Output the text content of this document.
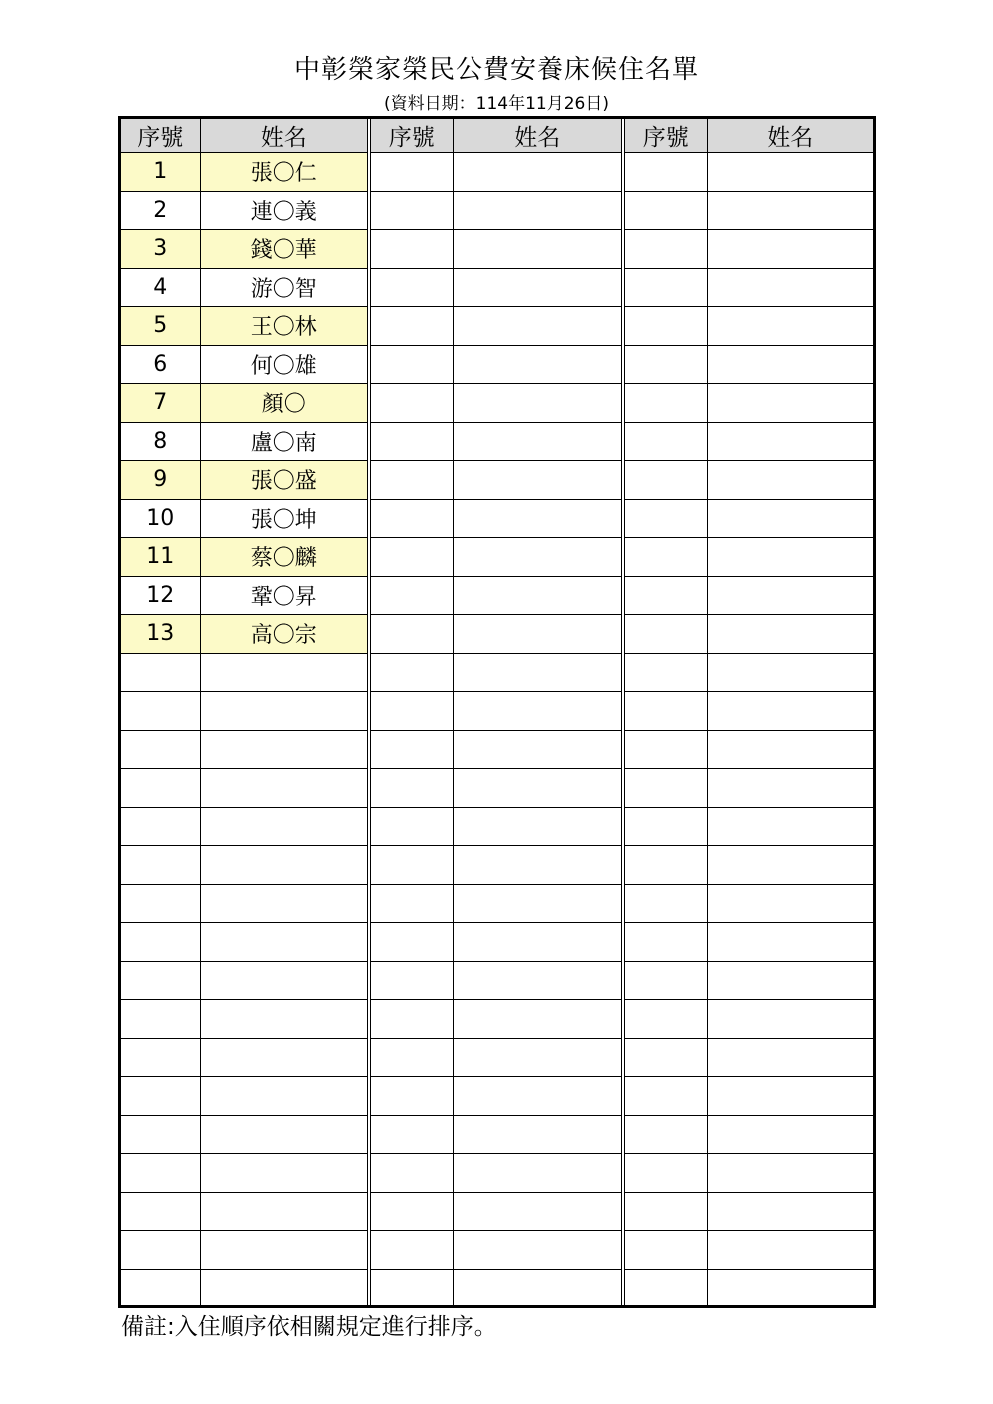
中彰榮家榮民公費安養床候住名單
(資料日期：114年11月26日)
序號	姓名	序號	姓名	序號	姓名
1	張〇仁				
2	連〇義				
3	錢〇華				
4	游〇智				
5	王〇林				
6	何〇雄				
7	顏〇				
8	盧〇南				
9	張〇盛				
10	張〇坤				
11	蔡〇麟				
12	鞏〇昇				
13	高〇宗				

備註:入住順序依相關規定進行排序。
